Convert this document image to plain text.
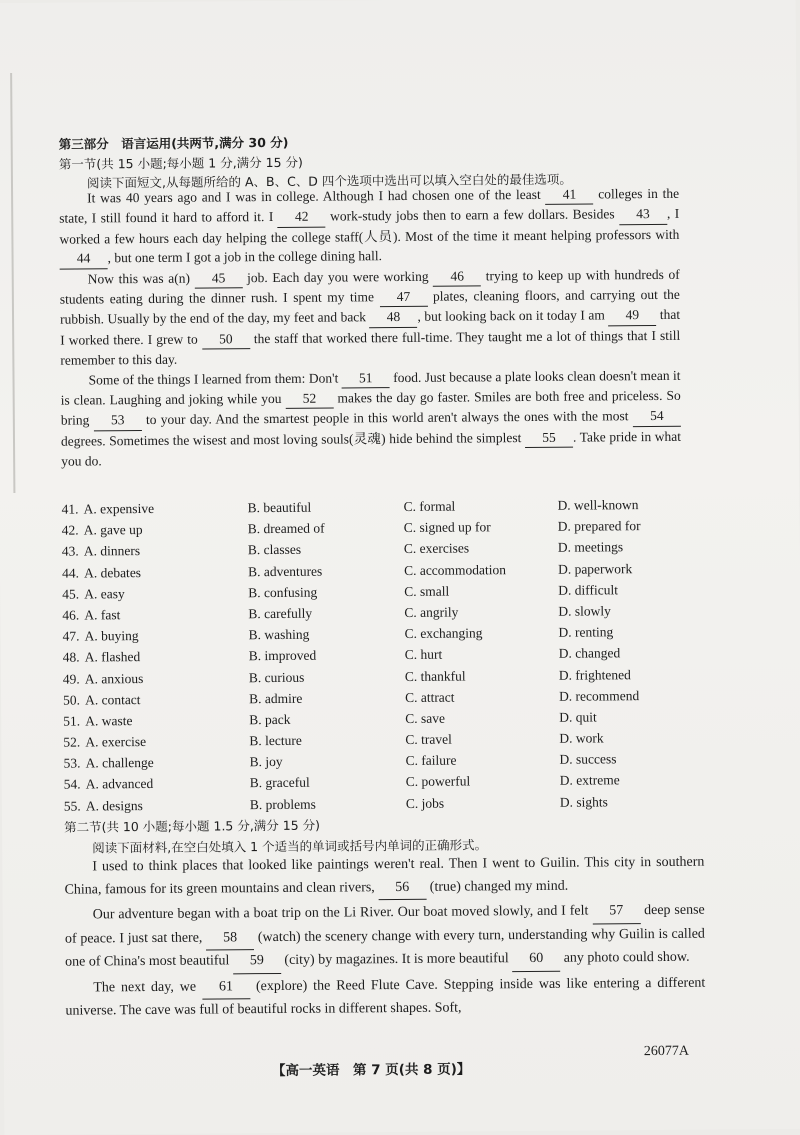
第三部分　语言运用(共两节,满分 30 分)
第一节(共 15 小题;每小题 1 分,满分 15 分)
阅读下面短文,从每题所给的 A、B、C、D 四个选项中选出可以填入空白处的最佳选项。

It was 40 years ago and I was in college. Although I had chosen one of the least 41 colleges in the state, I still found it hard to afford it. I 42 work-study jobs then to earn a few dollars. Besides 43 , I worked a few hours each day helping the college staff(人员). Most of the time it meant helping professors with 44 , but one term I got a job in the college dining hall.

Now this was a(n) 45 job. Each day you were working 46 trying to keep up with hundreds of students eating during the dinner rush. I spent my time 47 plates, cleaning floors, and carrying out the rubbish. Usually by the end of the day, my feet and back 48 , but looking back on it today I am 49 that I worked there. I grew to 50 the staff that worked there full-time. They taught me a lot of things that I still remember to this day.

Some of the things I learned from them: Don't 51 food. Just because a plate looks clean doesn't mean it is clean. Laughing and joking while you 52 makes the day go faster. Smiles are both free and priceless. So bring 53 to your day. And the smartest people in this world aren't always the ones with the most 54 degrees. Sometimes the wisest and most loving souls(灵魂) hide behind the simplest 55 . Take pride in what you do.

41. A. expensive	B. beautiful	C. formal	D. well-known
42. A. gave up	B. dreamed of	C. signed up for	D. prepared for
43. A. dinners	B. classes	C. exercises	D. meetings
44. A. debates	B. adventures	C. accommodation	D. paperwork
45. A. easy	B. confusing	C. small	D. difficult
46. A. fast	B. carefully	C. angrily	D. slowly
47. A. buying	B. washing	C. exchanging	D. renting
48. A. flashed	B. improved	C. hurt	D. changed
49. A. anxious	B. curious	C. thankful	D. frightened
50. A. contact	B. admire	C. attract	D. recommend
51. A. waste	B. pack	C. save	D. quit
52. A. exercise	B. lecture	C. travel	D. work
53. A. challenge	B. joy	C. failure	D. success
54. A. advanced	B. graceful	C. powerful	D. extreme
55. A. designs	B. problems	C. jobs	D. sights
第二节(共 10 小题;每小题 1.5 分,满分 15 分)
阅读下面材料,在空白处填入 1 个适当的单词或括号内单词的正确形式。

I used to think places that looked like paintings weren't real. Then I went to Guilin. This city in southern China, famous for its green mountains and clean rivers, 56 (true) changed my mind.

Our adventure began with a boat trip on the Li River. Our boat moved slowly, and I felt 57 deep sense of peace. I just sat there, 58 (watch) the scenery change with every turn, understanding why Guilin is called one of China's most beautiful 59 (city) by magazines. It is more beautiful 60 any photo could show.

The next day, we 61 (explore) the Reed Flute Cave. Stepping inside was like entering a different universe. The cave was full of beautiful rocks in different shapes. Soft,

【高一英语　第 7 页(共 8 页)】
26077A
